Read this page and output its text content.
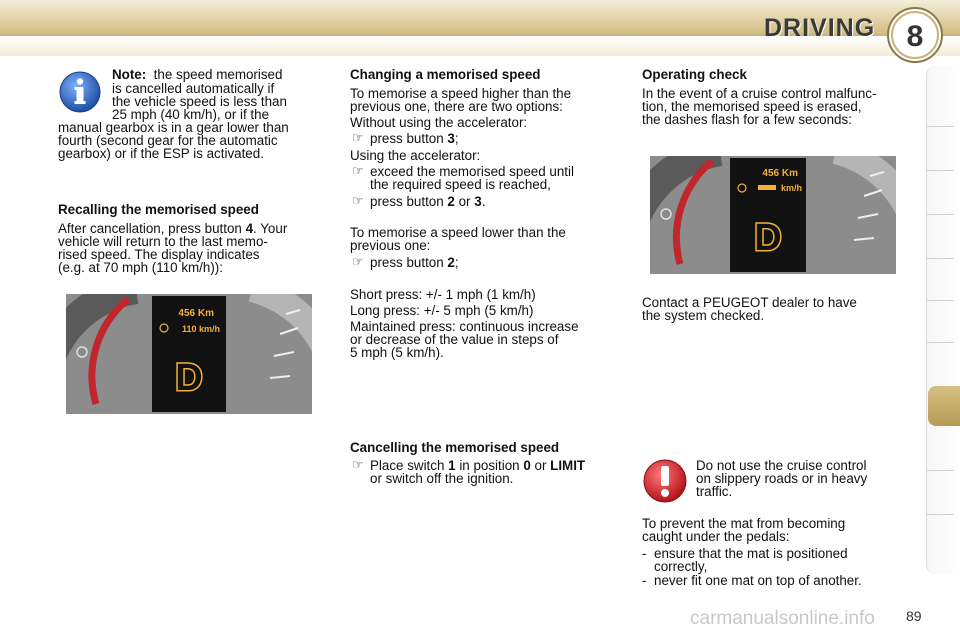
DRIVING 8
Note: the speed memorised
is cancelled automatically if
the vehicle speed is less than
25 mph (40 km/h), or if the
manual gearbox is in a gear lower than
fourth (second gear for the automatic
gearbox) or if the ESP is activated.
Recalling the memorised speed
After cancellation, press button 4. Your
vehicle will return to the last memo-
rised speed. The display indicates
(e.g. at 70 mph (110 km/h)):
456 Km
110 km/h
D
Changing a memorised speed
To memorise a speed higher than the
previous one, there are two options:
Without using the accelerator:
☞ press button 3;
Using the accelerator:
☞ exceed the memorised speed until
the required speed is reached,
☞ press button 2 or 3.
To memorise a speed lower than the
previous one:
☞ press button 2;
Short press: +/- 1 mph (1 km/h)
Long press: +/- 5 mph (5 km/h)
Maintained press: continuous increase
or decrease of the value in steps of
5 mph (5 km/h).
Cancelling the memorised speed
☞ Place switch 1 in position 0 or LIMIT
or switch off the ignition.
Operating check
In the event of a cruise control malfunc-
tion, the memorised speed is erased,
the dashes flash for a few seconds:
456 Km
km/h
D
Contact a PEUGEOT dealer to have
the system checked.
Do not use the cruise control
on slippery roads or in heavy
traffic.
To prevent the mat from becoming
caught under the pedals:
- ensure that the mat is positioned
correctly,
- never fit one mat on top of another.
carmanualsonline.info 89
